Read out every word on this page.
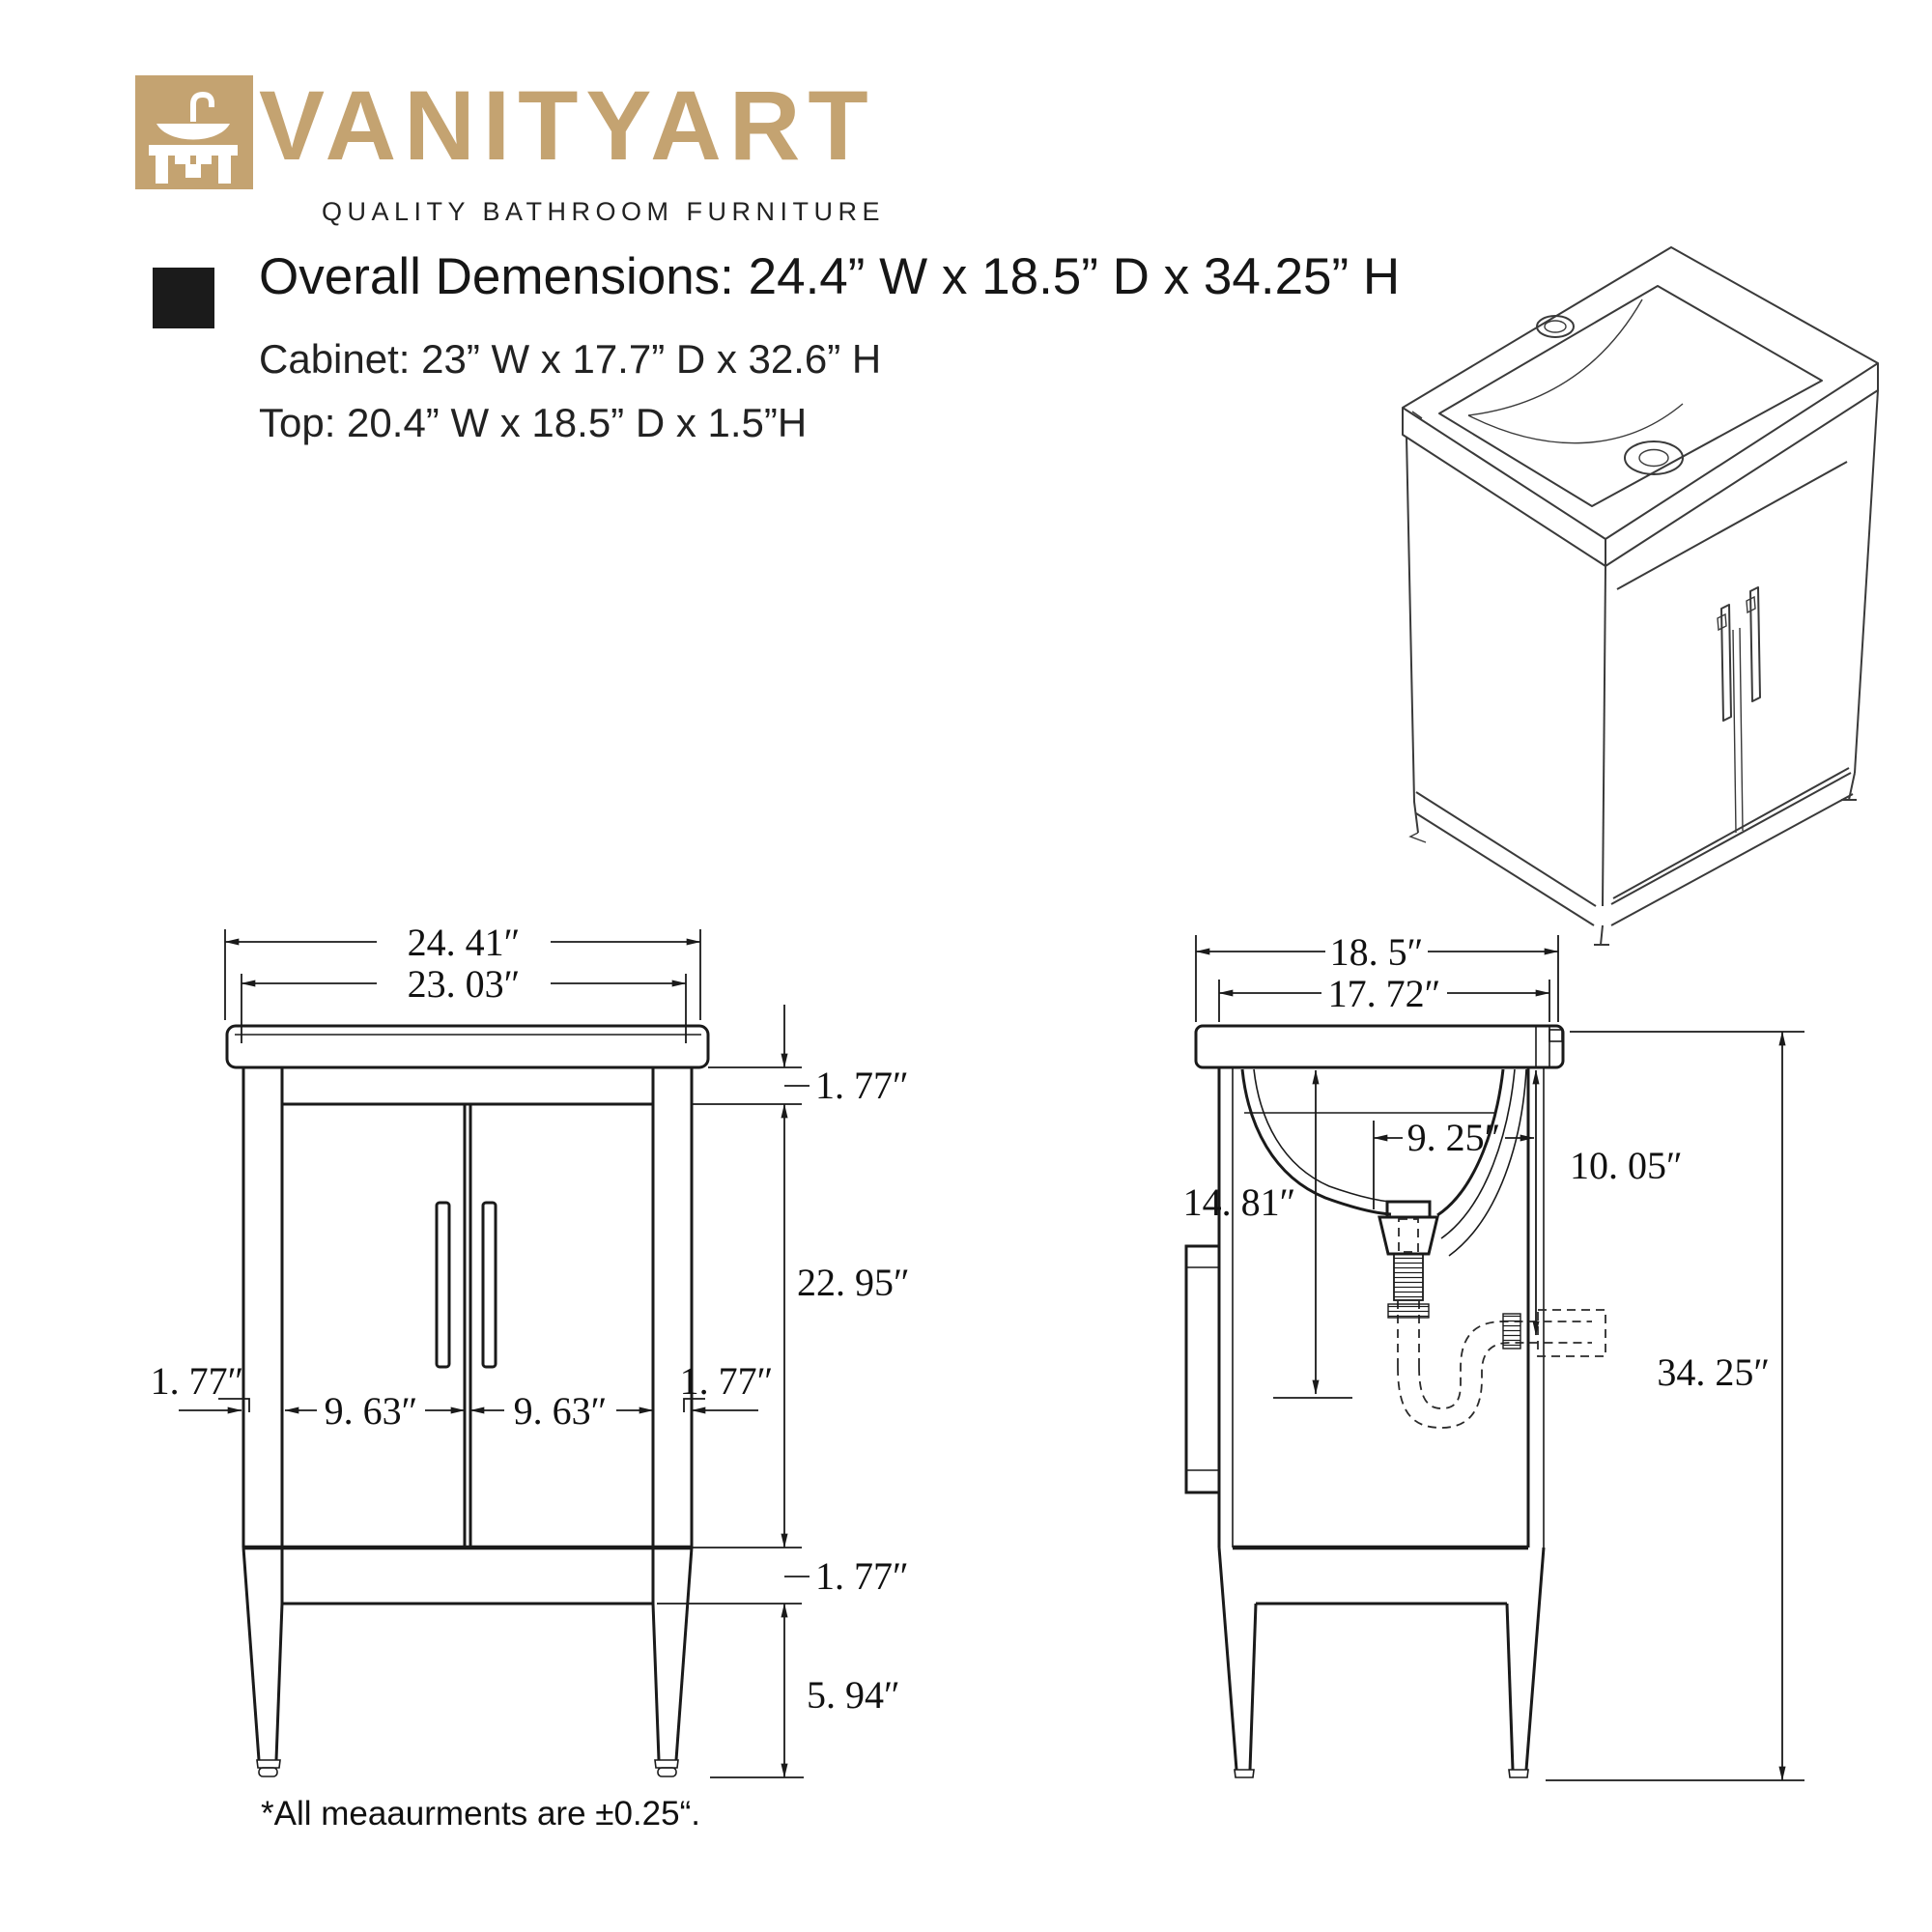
VANITYART
QUALITY BATHROOM FURNITURE
Overall Demensions: 24.4” W x 18.5” D x 34.25” H
Cabinet: 23” W x 17.7” D x 32.6” H
Top: 20.4” W x 18.5” D x 1.5”H
24. 41″
23. 03″
1. 77″
22. 95″
1. 77″
5. 94″
1. 77″
9. 63″ 9. 63″
1. 77″
18. 5″
17. 72″
9. 25″
10. 05″
14. 81″
34. 25″
*All meaaurments are ±0.25“.
